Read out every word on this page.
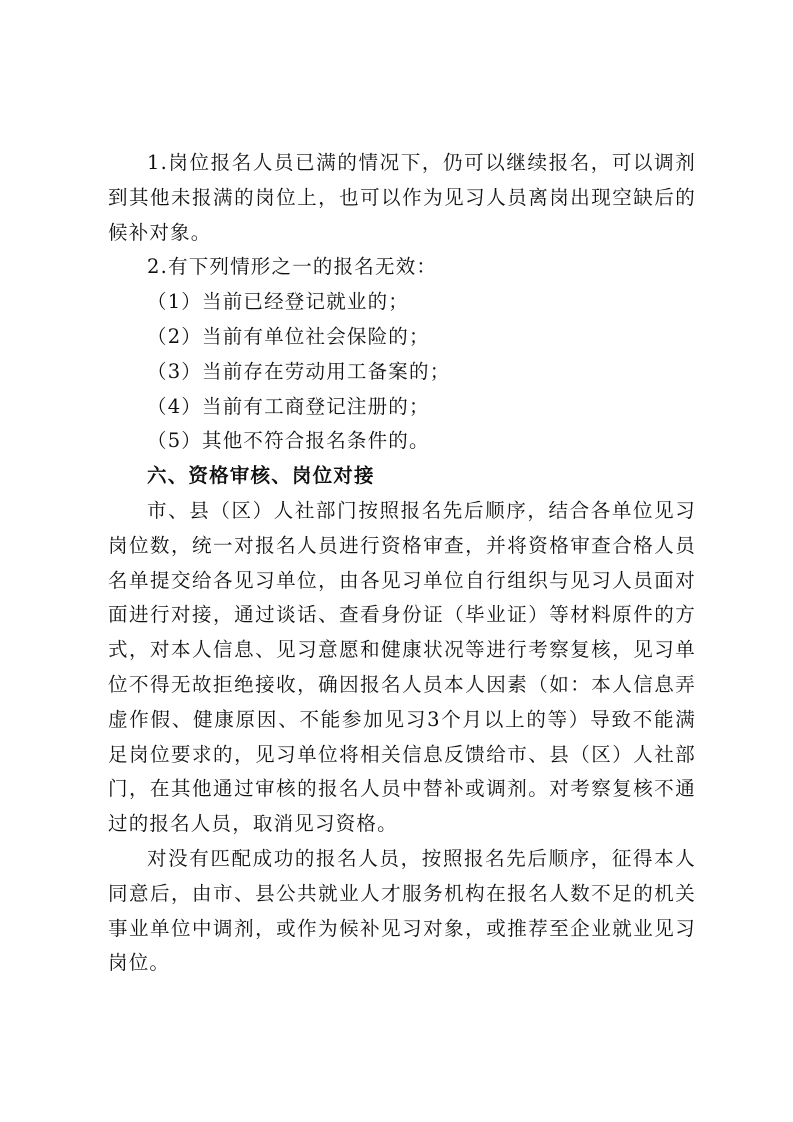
1.岗位报名人员已满的情况下，仍可以继续报名，可以调剂到其他未报满的岗位上，也可以作为见习人员离岗出现空缺后的候补对象。

2.有下列情形之一的报名无效：

（1）当前已经登记就业的；

（2）当前有单位社会保险的；

（3）当前存在劳动用工备案的；

（4）当前有工商登记注册的；

（5）其他不符合报名条件的。

六、资格审核、岗位对接

市、县（区）人社部门按照报名先后顺序，结合各单位见习岗位数，统一对报名人员进行资格审查，并将资格审查合格人员名单提交给各见习单位，由各见习单位自行组织与见习人员面对面进行对接，通过谈话、查看身份证（毕业证）等材料原件的方式，对本人信息、见习意愿和健康状况等进行考察复核，见习单位不得无故拒绝接收，确因报名人员本人因素（如：本人信息弄虚作假、健康原因、不能参加见习3个月以上的等）导致不能满足岗位要求的，见习单位将相关信息反馈给市、县（区）人社部门，在其他通过审核的报名人员中替补或调剂。对考察复核不通过的报名人员，取消见习资格。

对没有匹配成功的报名人员，按照报名先后顺序，征得本人同意后，由市、县公共就业人才服务机构在报名人数不足的机关事业单位中调剂，或作为候补见习对象，或推荐至企业就业见习岗位。
